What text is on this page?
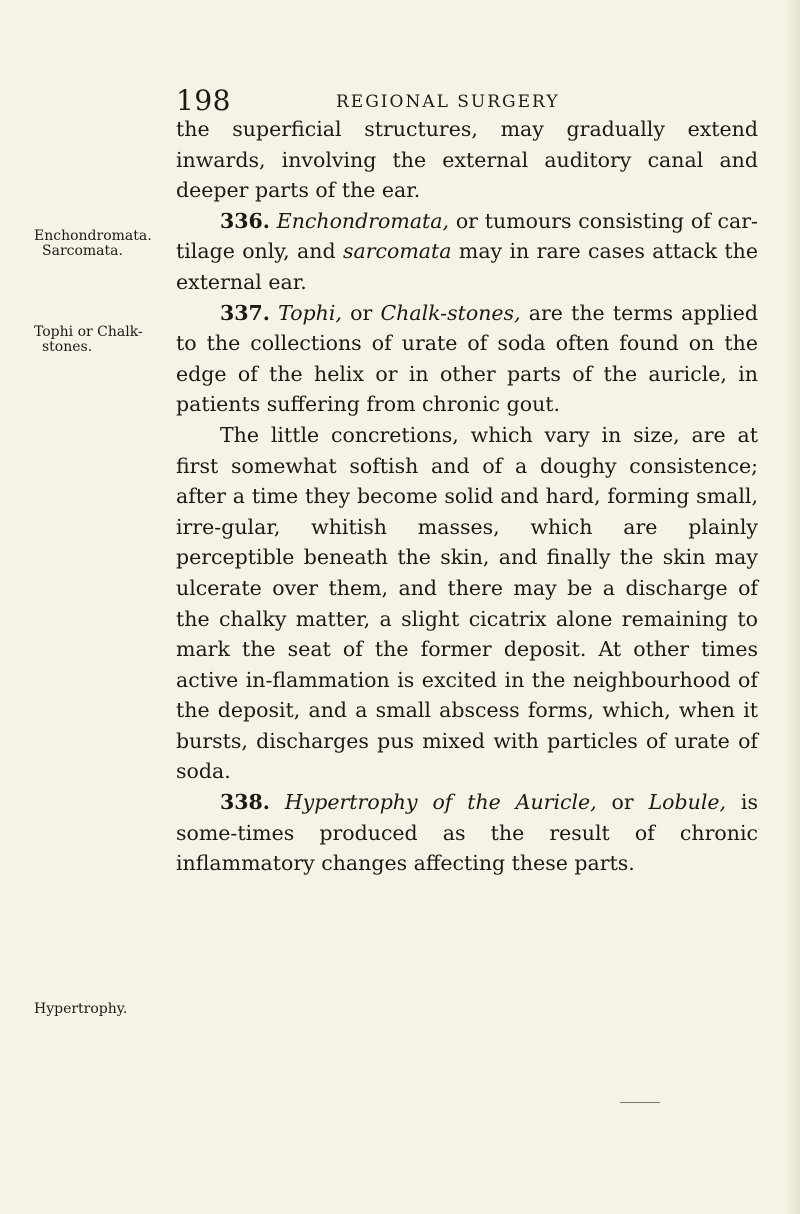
198	REGIONAL SURGERY
Enchondromata.
Sarcomata.
Tophi or Chalk-
stones.
Hypertrophy.

the superficial structures, may gradually extend inwards, involving the external auditory canal and deeper parts of the ear.

336. Enchondromata, or tumours consisting of car-tilage only, and sarcomata may in rare cases attack the external ear.

337. Tophi, or Chalk-stones, are the terms applied to the collections of urate of soda often found on the edge of the helix or in other parts of the auricle, in patients suffering from chronic gout.

The little concretions, which vary in size, are at first somewhat softish and of a doughy consistence; after a time they become solid and hard, forming small, irre-gular, whitish masses, which are plainly perceptible beneath the skin, and finally the skin may ulcerate over them, and there may be a discharge of the chalky matter, a slight cicatrix alone remaining to mark the seat of the former deposit. At other times active in-flammation is excited in the neighbourhood of the deposit, and a small abscess forms, which, when it bursts, discharges pus mixed with particles of urate of soda.

338. Hypertrophy of the Auricle, or Lobule, is some-times produced as the result of chronic inflammatory changes affecting these parts.
